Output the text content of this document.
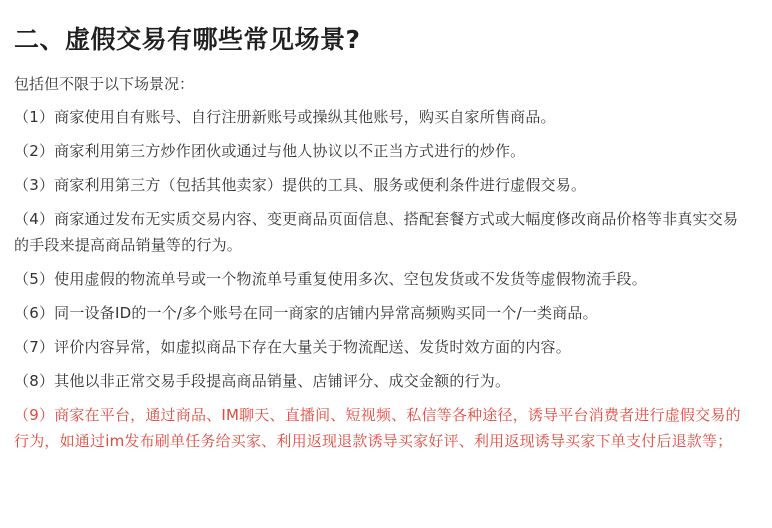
二、虚假交易有哪些常见场景?

包括但不限于以下场景况：

（1）商家使用自有账号、自行注册新账号或操纵其他账号，购买自家所售商品。

（2）商家利用第三方炒作团伙或通过与他人协议以不正当方式进行的炒作。

（3）商家利用第三方（包括其他卖家）提供的工具、服务或便利条件进行虚假交易。

（4）商家通过发布无实质交易内容、变更商品页面信息、搭配套餐方式或大幅度修改商品价格等非真实交易的手段来提高商品销量等的行为。

（5）使用虚假的物流单号或一个物流单号重复使用多次、空包发货或不发货等虚假物流手段。

（6）同一设备ID的一个/多个账号在同一商家的店铺内异常高频购买同一个/一类商品。

（7）评价内容异常，如虚拟商品下存在大量关于物流配送、发货时效方面的内容。

（8）其他以非正常交易手段提高商品销量、店铺评分、成交金额的行为。

（9）商家在平台，通过商品、IM聊天、直播间、短视频、私信等各种途径，诱导平台消费者进行虚假交易的行为，如通过im发布刷单任务给买家、利用返现退款诱导买家好评、利用返现诱导买家下单支付后退款等；
